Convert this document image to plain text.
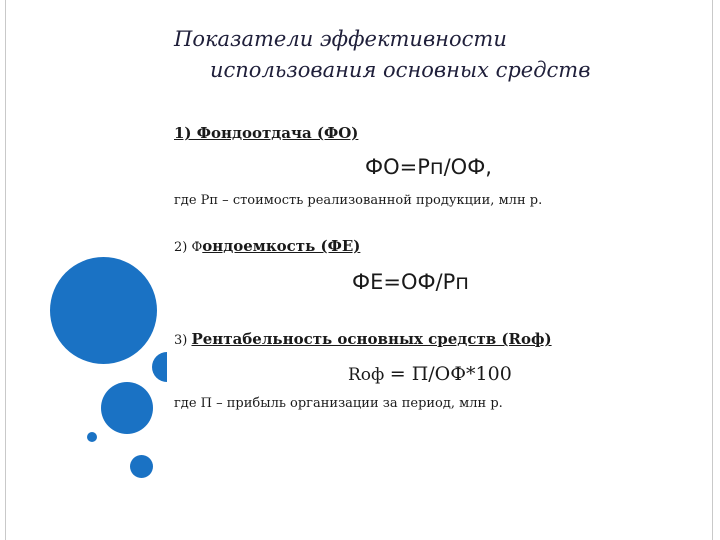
Показатели эффективности
использования основных средств
1) Фондоотдача (ФО)
ФО=Рп/ОФ,
где Рп – стоимость реализованной продукции, млн р.
2) Фондоемкость (ФЕ)
ФЕ=ОФ/Рп
3) Рентабельность основных средств (Rоф)
Rоф = П/ОФ*100
где П – прибыль организации за период, млн р.
